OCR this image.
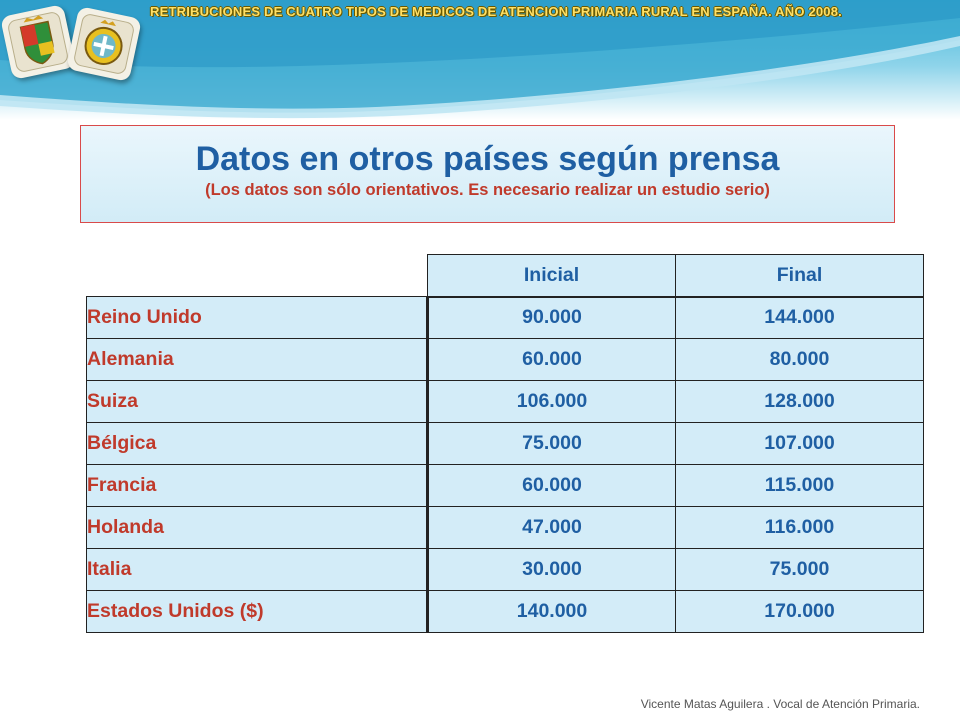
RETRIBUCIONES DE CUATRO TIPOS DE MEDICOS DE ATENCION PRIMARIA RURAL EN ESPAÑA. AÑO 2008.
Datos en otros países según prensa
(Los datos son sólo orientativos. Es necesario realizar un estudio serio)
	Inicial	Final
Reino Unido	90.000	144.000
Alemania	60.000	80.000
Suiza	106.000	128.000
Bélgica	75.000	107.000
Francia	60.000	115.000
Holanda	47.000	116.000
Italia	30.000	75.000
Estados Unidos ($)	140.000	170.000
Vicente Matas Aguilera . Vocal de Atención Primaria.
